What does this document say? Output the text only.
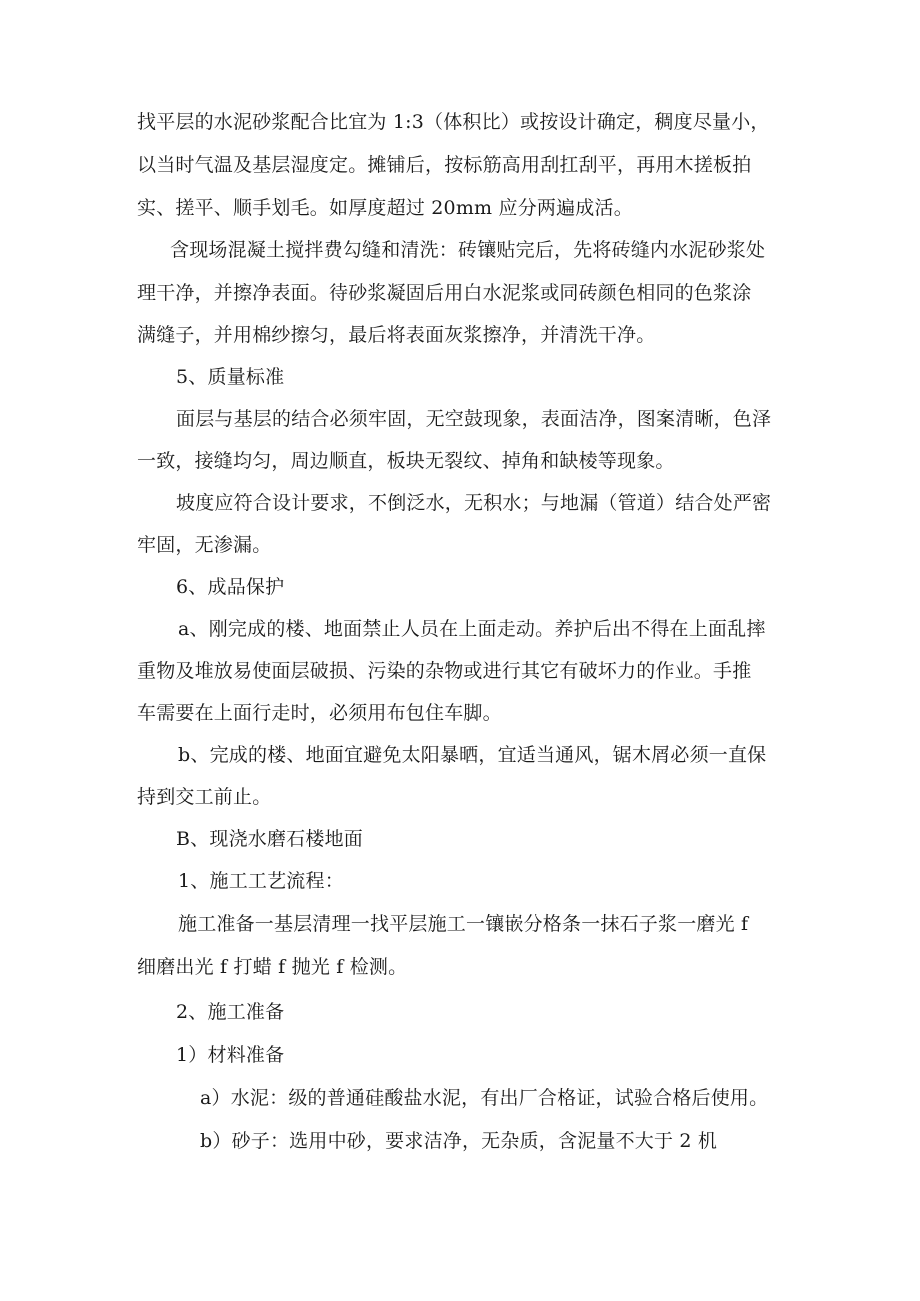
找平层的水泥砂浆配合比宜为 1:3（体积比）或按设计确定，稠度尽量小，
以当时气温及基层湿度定。摊铺后，按标筋高用刮扛刮平，再用木搓板拍
实、搓平、顺手划毛。如厚度超过 20mm 应分两遍成活。
含现场混凝土搅拌费勾缝和清洗：砖镶贴完后，先将砖缝内水泥砂浆处
理干净，并擦净表面。待砂浆凝固后用白水泥浆或同砖颜色相同的色浆涂
满缝子，并用棉纱擦匀，最后将表面灰浆擦净，并清洗干净。
5、质量标准
面层与基层的结合必须牢固，无空鼓现象，表面洁净，图案清晰，色泽
一致，接缝均匀，周边顺直，板块无裂纹、掉角和缺棱等现象。
坡度应符合设计要求，不倒泛水，无积水；与地漏（管道）结合处严密
牢固，无渗漏。
6、成品保护
a、刚完成的楼、地面禁止人员在上面走动。养护后出不得在上面乱摔
重物及堆放易使面层破损、污染的杂物或进行其它有破坏力的作业。手推
车需要在上面行走时，必须用布包住车脚。
b、完成的楼、地面宜避免太阳暴晒，宜适当通风，锯木屑必须一直保
持到交工前止。
B、现浇水磨石楼地面
1、施工工艺流程：
施工准备一基层清理一找平层施工一镶嵌分格条一抹石子浆一磨光 f
细磨出光 f 打蜡 f 抛光 f 检测。
2、施工准备
1）材料准备
a）水泥：级的普通硅酸盐水泥，有出厂合格证，试验合格后使用。
b）砂子：选用中砂，要求洁净，无杂质，含泥量不大于 2 机
